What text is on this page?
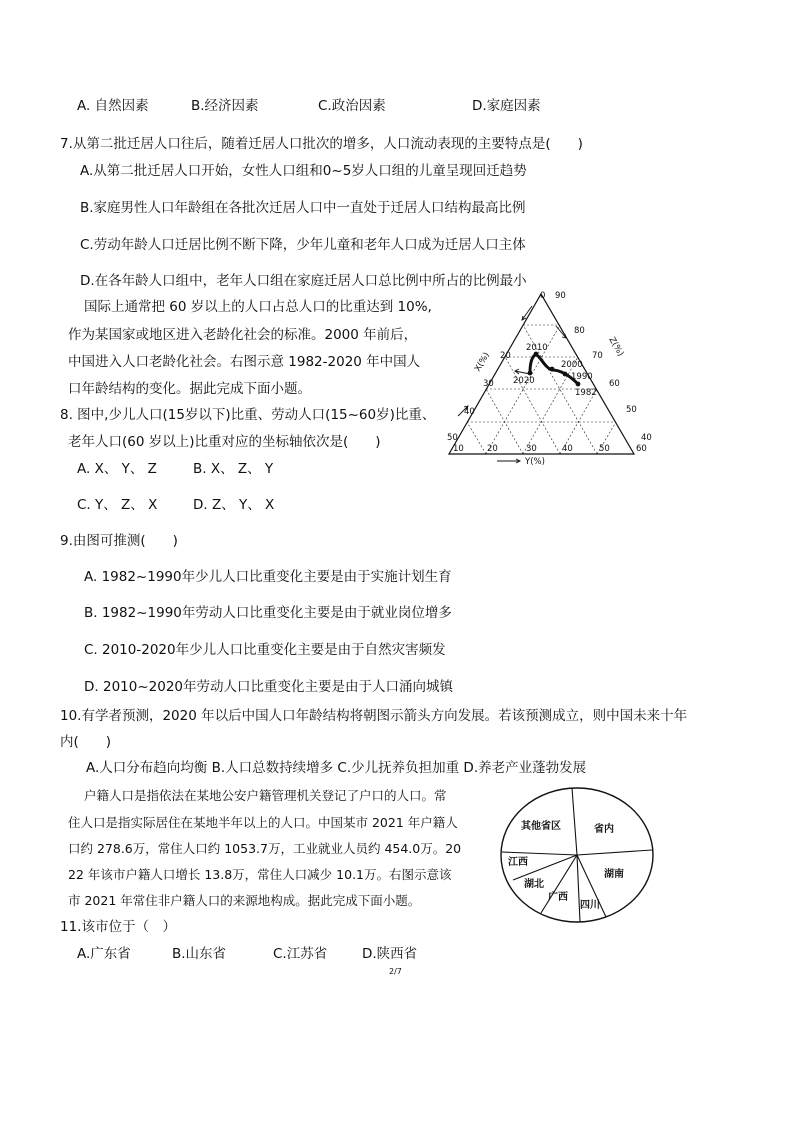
A. 自然因素	B.经济因素	C.政治因素	D.家庭因素
7.从第二批迁居人口往后，随着迁居人口批次的增多，人口流动表现的主要特点是(　　)
A.从第二批迁居人口开始，女性人口组和0~5岁人口组的儿童呈现回迁趋势
B.家庭男性人口年龄组在各批次迁居人口中一直处于迁居人口结构最高比例
C.劳动年龄人口迁居比例不断下降，少年儿童和老年人口成为迁居人口主体
D.在各年龄人口组中，老年人口组在家庭迁居人口总比例中所占的比例最小
国际上通常把 60 岁以上的人口占总人口的比重达到 10%,
作为某国家或地区进入老龄化社会的标准。2000 年前后，
中国进入人口老龄化社会。右图示意 1982-2020 年中国人
口年龄结构的变化。据此完成下面小题。
8. 图中,少儿人口(15岁以下)比重、劳动人口(15~60岁)比重、
老年人口(60 岁以上)比重对应的坐标轴依次是(　　)
A. X、 Y、 Z	B. X、 Z、 Y
C. Y、 Z、 X	D. Z、 Y、 X
9.由图可推测(　　)
A. 1982~1990年少儿人口比重变化主要是由于实施计划生育
B. 1982~1990年劳动人口比重变化主要是由于就业岗位增多
C. 2010-2020年少儿人口比重变化主要是由于自然灾害频发
D. 2010~2020年劳动人口比重变化主要是由于人口涌向城镇
10.有学者预测，2020 年以后中国人口年龄结构将朝图示箭头方向发展。若该预测成立，则中国未来十年
内(　　)
A.人口分布趋向均衡 B.人口总数持续增多 C.少儿抚养负担加重 D.养老产业蓬勃发展
户籍人口是指依法在某地公安户籍管理机关登记了户口的人口。常
住人口是指实际居住在某地半年以上的人口。中国某市 2021 年户籍人
口约 278.6万，常住人口约 1053.7万，工业就业人员约 454.0万。20
22 年该市户籍人口增长 13.8万，常住人口减少 10.1万。右图示意该
市 2021 年常住非户籍人口的来源地构成。据此完成下面小题。
11.该市位于（　）
A.广东省	B.山东省	C.江苏省	D.陕西省
2/7
10	20	30	40	50	60
0
20
30
40
50
90
80
70
60
50
40
X(%)
Z(%)
Y(%)
2010
2000
1990
1982
2020
其他省区	省内
湖南
四川
广西
湖北
江西
